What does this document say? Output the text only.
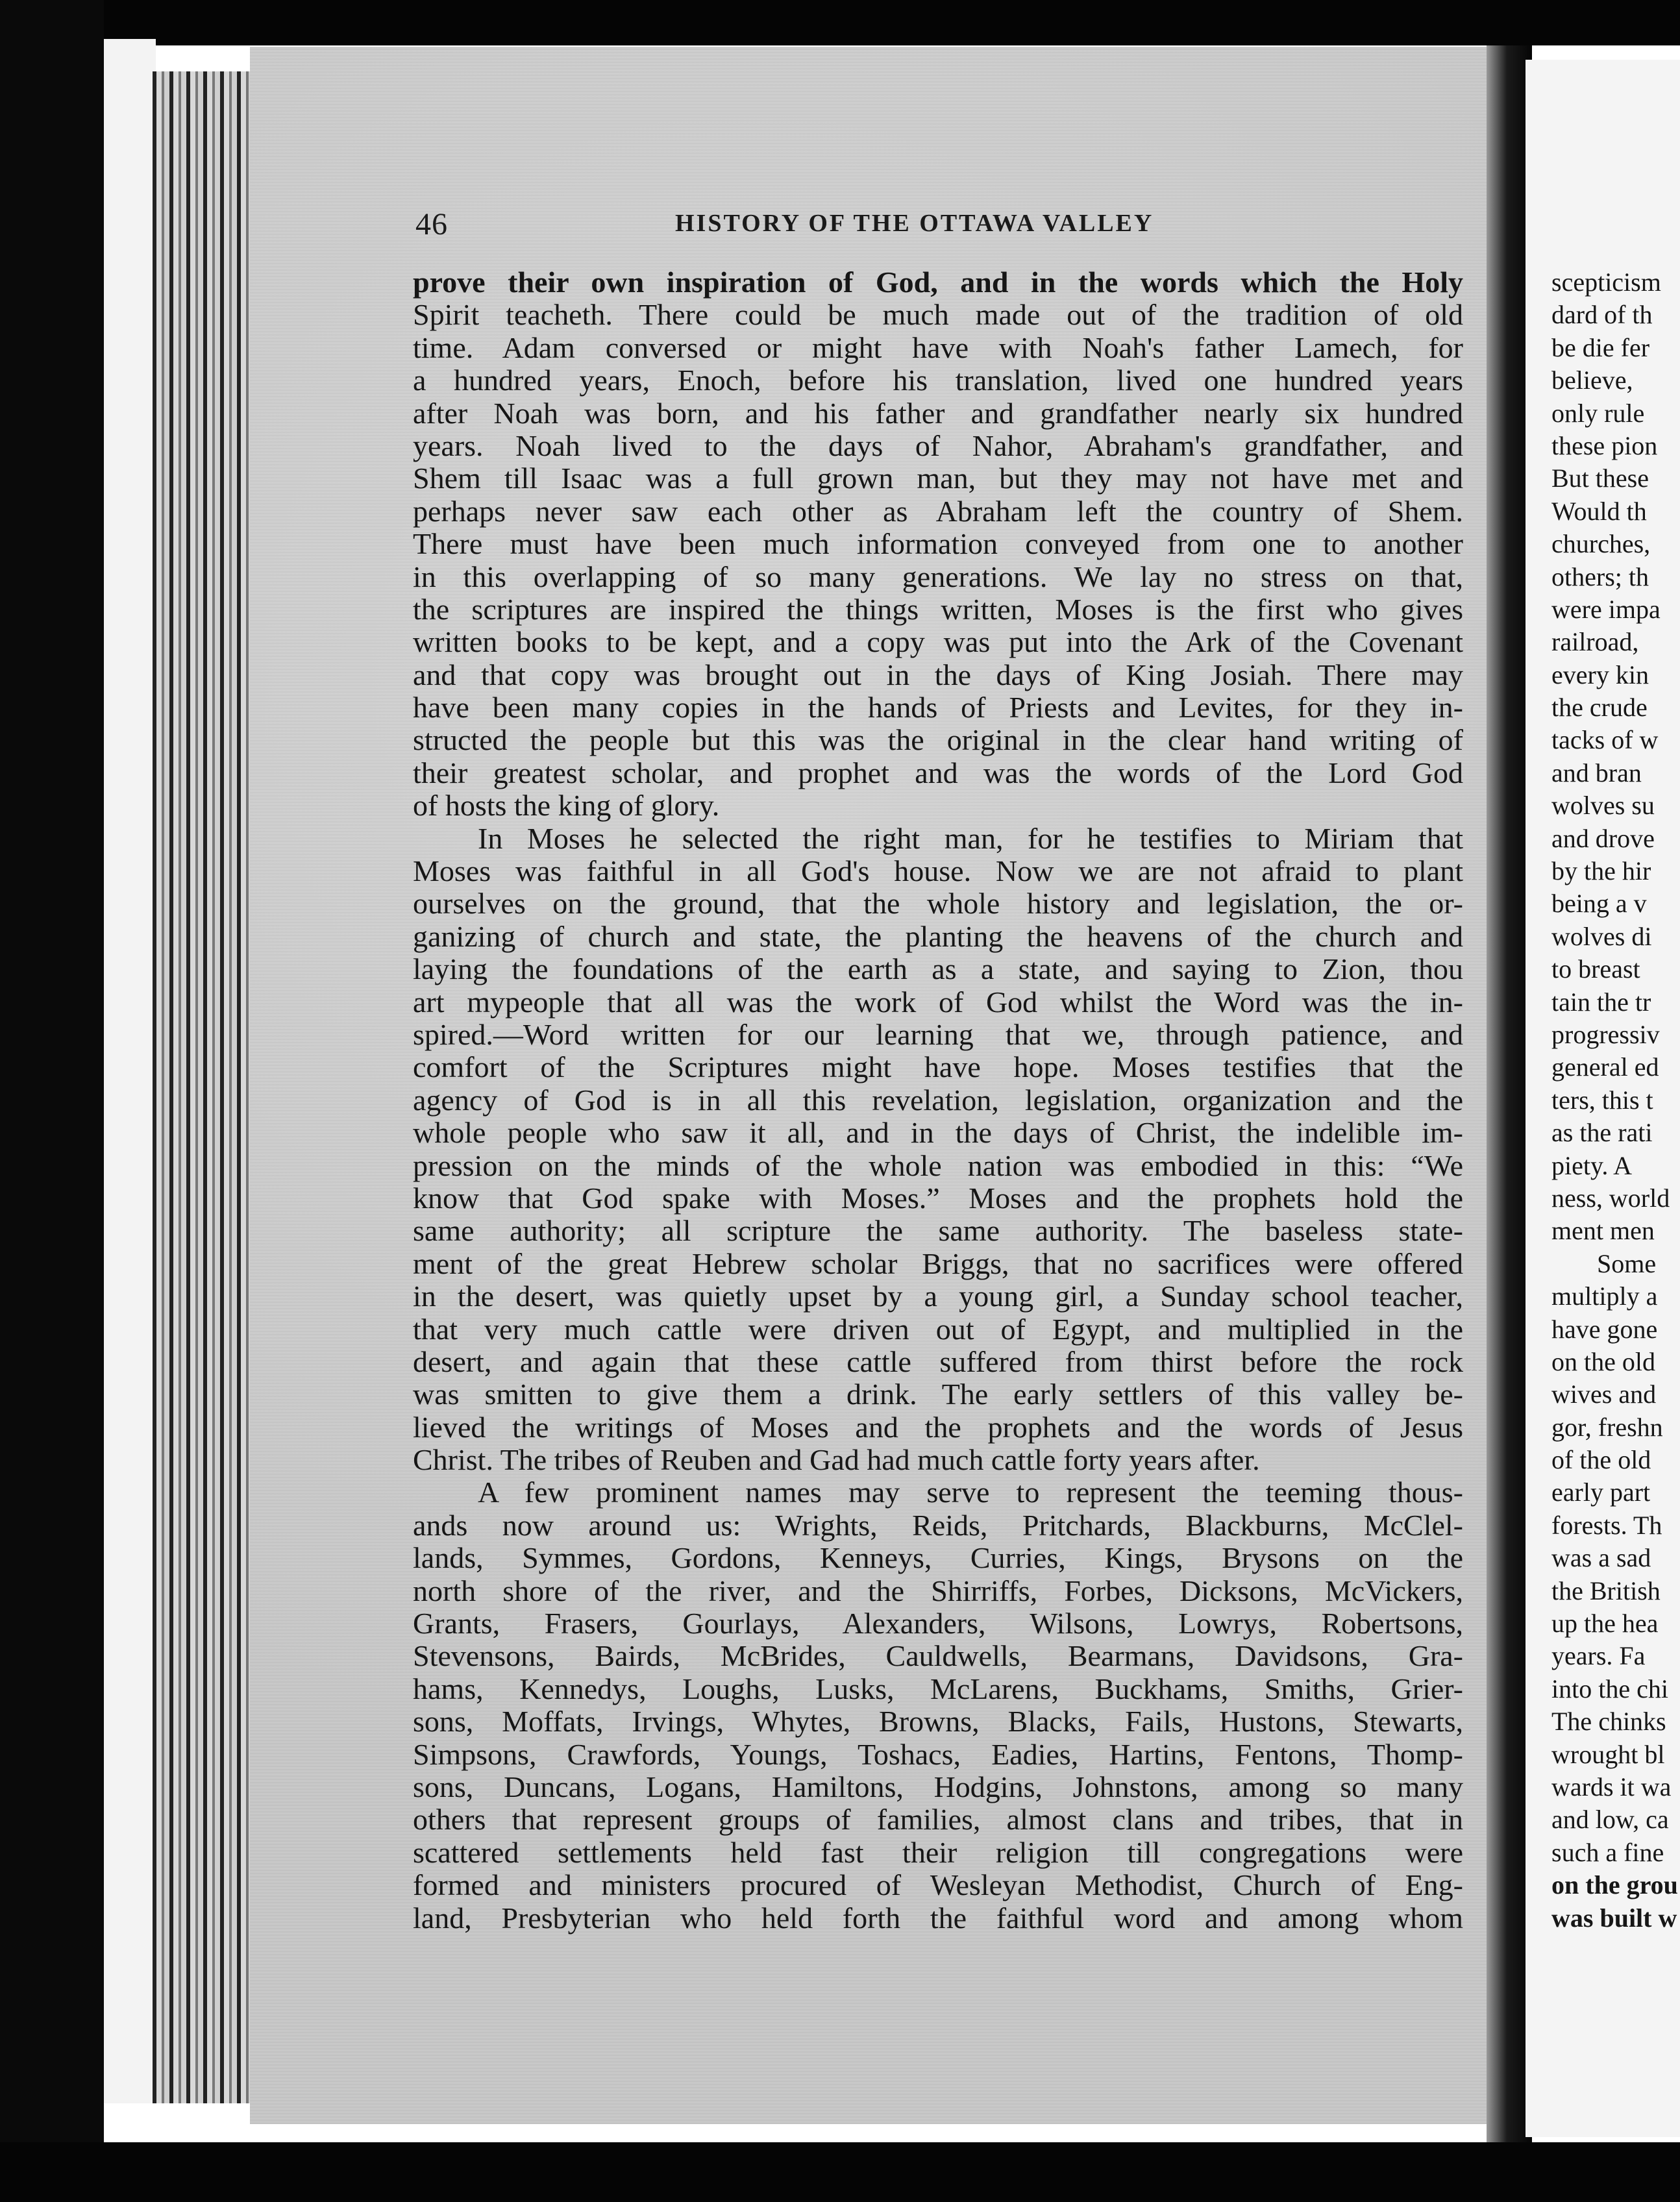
46	HISTORY OF THE OTTAWA VALLEY
prove their own inspiration of God, and in the words which the Holy
Spirit teacheth. There could be much made out of the tradition of old
time. Adam conversed or might have with Noah's father Lamech, for
a hundred years, Enoch, before his translation, lived one hundred years
after Noah was born, and his father and grandfather nearly six hundred
years. Noah lived to the days of Nahor, Abraham's grandfather, and
Shem till Isaac was a full grown man, but they may not have met and
perhaps never saw each other as Abraham left the country of Shem.
There must have been much information conveyed from one to another
in this overlapping of so many generations. We lay no stress on that,
the scriptures are inspired the things written, Moses is the first who gives
written books to be kept, and a copy was put into the Ark of the Covenant
and that copy was brought out in the days of King Josiah. There may
have been many copies in the hands of Priests and Levites, for they in-
structed the people but this was the original in the clear hand writing of
their greatest scholar, and prophet and was the words of the Lord God
of hosts the king of glory.
In Moses he selected the right man, for he testifies to Miriam that
Moses was faithful in all God's house. Now we are not afraid to plant
ourselves on the ground, that the whole history and legislation, the or-
ganizing of church and state, the planting the heavens of the church and
laying the foundations of the earth as a state, and saying to Zion, thou
art mypeople that all was the work of God whilst the Word was the in-
spired.—Word written for our learning that we, through patience, and
comfort of the Scriptures might have hope. Moses testifies that the
agency of God is in all this revelation, legislation, organization and the
whole people who saw it all, and in the days of Christ, the indelible im-
pression on the minds of the whole nation was embodied in this: “We
know that God spake with Moses.” Moses and the prophets hold the
same authority; all scripture the same authority. The baseless state-
ment of the great Hebrew scholar Briggs, that no sacrifices were offered
in the desert, was quietly upset by a young girl, a Sunday school teacher,
that very much cattle were driven out of Egypt, and multiplied in the
desert, and again that these cattle suffered from thirst before the rock
was smitten to give them a drink. The early settlers of this valley be-
lieved the writings of Moses and the prophets and the words of Jesus
Christ. The tribes of Reuben and Gad had much cattle forty years after.
A few prominent names may serve to represent the teeming thous-
ands now around us: Wrights, Reids, Pritchards, Blackburns, McClel-
lands, Symmes, Gordons, Kenneys, Curries, Kings, Brysons on the
north shore of the river, and the Shirriffs, Forbes, Dicksons, McVickers,
Grants, Frasers, Gourlays, Alexanders, Wilsons, Lowrys, Robertsons,
Stevensons, Bairds, McBrides, Cauldwells, Bearmans, Davidsons, Gra-
hams, Kennedys, Loughs, Lusks, McLarens, Buckhams, Smiths, Grier-
sons, Moffats, Irvings, Whytes, Browns, Blacks, Fails, Hustons, Stewarts,
Simpsons, Crawfords, Youngs, Toshacs, Eadies, Hartins, Fentons, Thomp-
sons, Duncans, Logans, Hamiltons, Hodgins, Johnstons, among so many
others that represent groups of families, almost clans and tribes, that in
scattered settlements held fast their religion till congregations were
formed and ministers procured of Wesleyan Methodist, Church of Eng-
land, Presbyterian who held forth the faithful word and among whom
scepticism
dard of th
be die fer
believe,
only rule
these pion
But these
Would th
churches,
others; th
were impa
railroad,
every kin
the crude
tacks of w
and bran
wolves su
and drove
by the hir
being a v
wolves di
to breast
tain the tr
progressiv
general ed
ters, this t
as the rati
piety. A
ness, world
ment men
Some
multiply a
have gone
on the old
wives and
gor, freshn
of the old
early part
forests. Th
was a sad
the British
up the hea
years. Fa
into the chi
The chinks
wrought bl
wards it wa
and low, ca
such a fine
on the grou
was built w
